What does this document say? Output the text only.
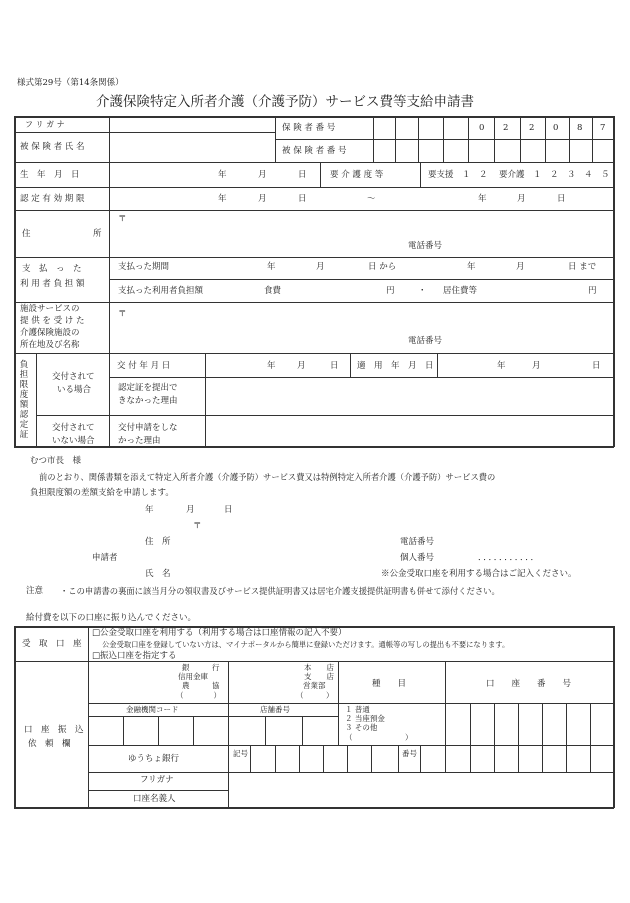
様式第29号（第14条関係）
介護保険特定入所者介護（介護予防）サービス費等支給申請書
フ リ ガ ナ	保 険 者 番 号	0 2 2 0 8 7
被 保 険 者 氏 名	被 保 険 者 番 号
生　年　月　日	年	月	日	要 介 護 度 等	要支援　１　２ 要介護　１　２　３　４　５
認 定 有 効 期 限	年	月	日	〜	年	月	日
住	所
〒
電話番号
支　払　っ　た
利 用 者 負 担 額
支払った期間	年	月	日 から	年	月	日 まで
支払った利用者負担額	食費	円	・ 居住費等	円
施設サービスの
提 供 を 受 け た
介護保険施設の
所在地及び名称
〒
電話番号
負担限度額認定証
交付されて
いる場合
交 付 年 月 日	年	月	日 適　用　年　月　日	年	月	日
認定証を提出で
きなかった理由
交付されて
いない場合
交付申請をしな
かった理由
むつ市長　様
前のとおり、関係書類を添えて特定入所者介護（介護予防）サービス費又は特例特定入所者介護（介護予防）サービス費の
負担限度額の差額支給を申請します。
年	月	日
〒
住　所	電話番号
申請者	個人番号	．．．．．．．．．．．
氏　名	※公金受取口座を利用する場合はご記入ください。
注意 ・この申請書の裏面に該当月分の領収書及びサービス提供証明書又は居宅介護支援提供証明書も併せて添付ください。
給付費を以下の口座に振り込んでください。
受　取　口　座
□公金受取口座を利用する（利用する場合は口座情報の記入不要）
公金受取口座を登録していない方は、マイナポータルから簡単に登録いただけます。通帳等の写しの提出も不要になります。
□振込口座を指定する
口　座　振　込
依　頼　欄
銀　　　行
信用金庫
農　　　協
（　　　　）
本　　店
支　　店
営業部
（　　　）
種　　目	口　　座　　番　　号
金融機関コード	店舗番号	１ 普通
２ 当座預金
３ その他
（　　　　　　　）
ゆうちょ銀行
記号	番号
フリガナ
口座名義人
